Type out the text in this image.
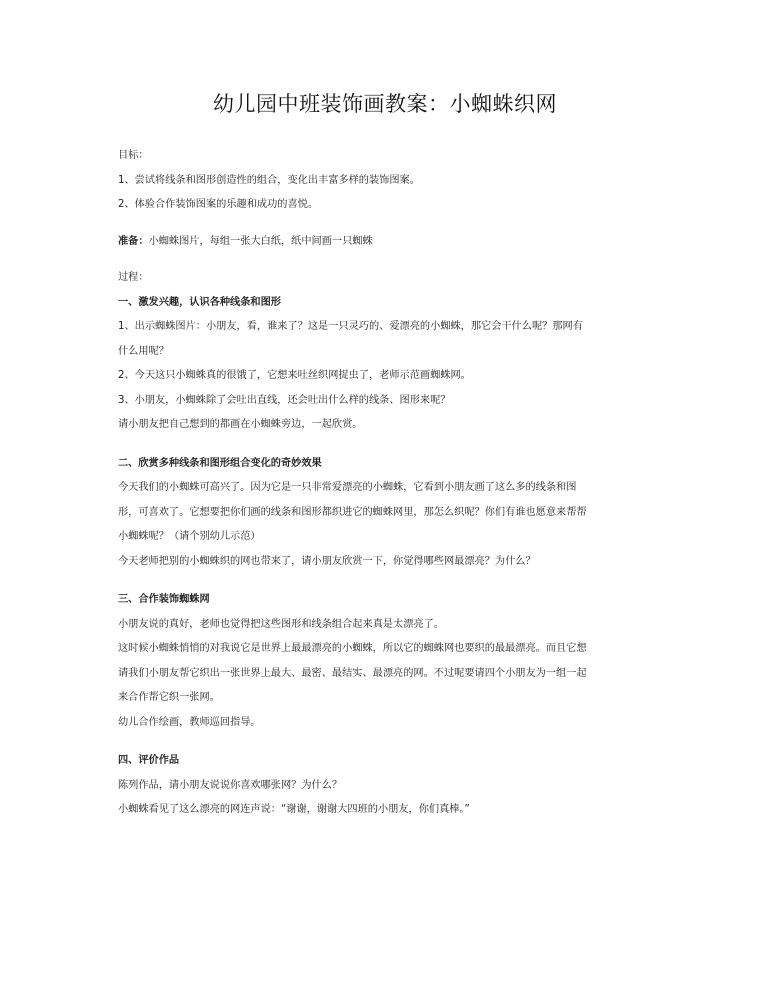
幼儿园中班装饰画教案：小蜘蛛织网

目标：

1、尝试将线条和图形创造性的组合，变化出丰富多样的装饰图案。

2、体验合作装饰图案的乐趣和成功的喜悦。

准备：小蜘蛛图片，每组一张大白纸，纸中间画一只蜘蛛

过程：

一、激发兴趣，认识各种线条和图形

1、出示蜘蛛图片：小朋友，看，谁来了？这是一只灵巧的、爱漂亮的小蜘蛛，那它会干什么呢？那网有

什么用呢？

2、今天这只小蜘蛛真的很饿了，它想来吐丝织网捉虫了，老师示范画蜘蛛网。

3、小朋友，小蜘蛛除了会吐出直线，还会吐出什么样的线条、图形来呢？

请小朋友把自己想到的都画在小蜘蛛旁边，一起欣赏。

二、欣赏多种线条和图形组合变化的奇妙效果

今天我们的小蜘蛛可高兴了。因为它是一只非常爱漂亮的小蜘蛛，它看到小朋友画了这么多的线条和图

形，可喜欢了。它想要把你们画的线条和图形都织进它的蜘蛛网里，那怎么织呢？你们有谁也愿意来帮帮

小蜘蛛呢？（请个别幼儿示范）

今天老师把别的小蜘蛛织的网也带来了，请小朋友欣赏一下，你觉得哪些网最漂亮？为什么？

三、合作装饰蜘蛛网

小朋友说的真好，老师也觉得把这些图形和线条组合起来真是太漂亮了。

这时候小蜘蛛悄悄的对我说它是世界上最最漂亮的小蜘蛛，所以它的蜘蛛网也要织的最最漂亮。而且它想

请我们小朋友帮它织出一张世界上最大、最密、最结实、最漂亮的网。不过呢要请四个小朋友为一组一起

来合作帮它织一张网。

幼儿合作绘画，教师巡回指导。

四、评价作品

陈列作品，请小朋友说说你喜欢哪张网？为什么？

小蜘蛛看见了这么漂亮的网连声说：“谢谢，谢谢大四班的小朋友，你们真棒。”
